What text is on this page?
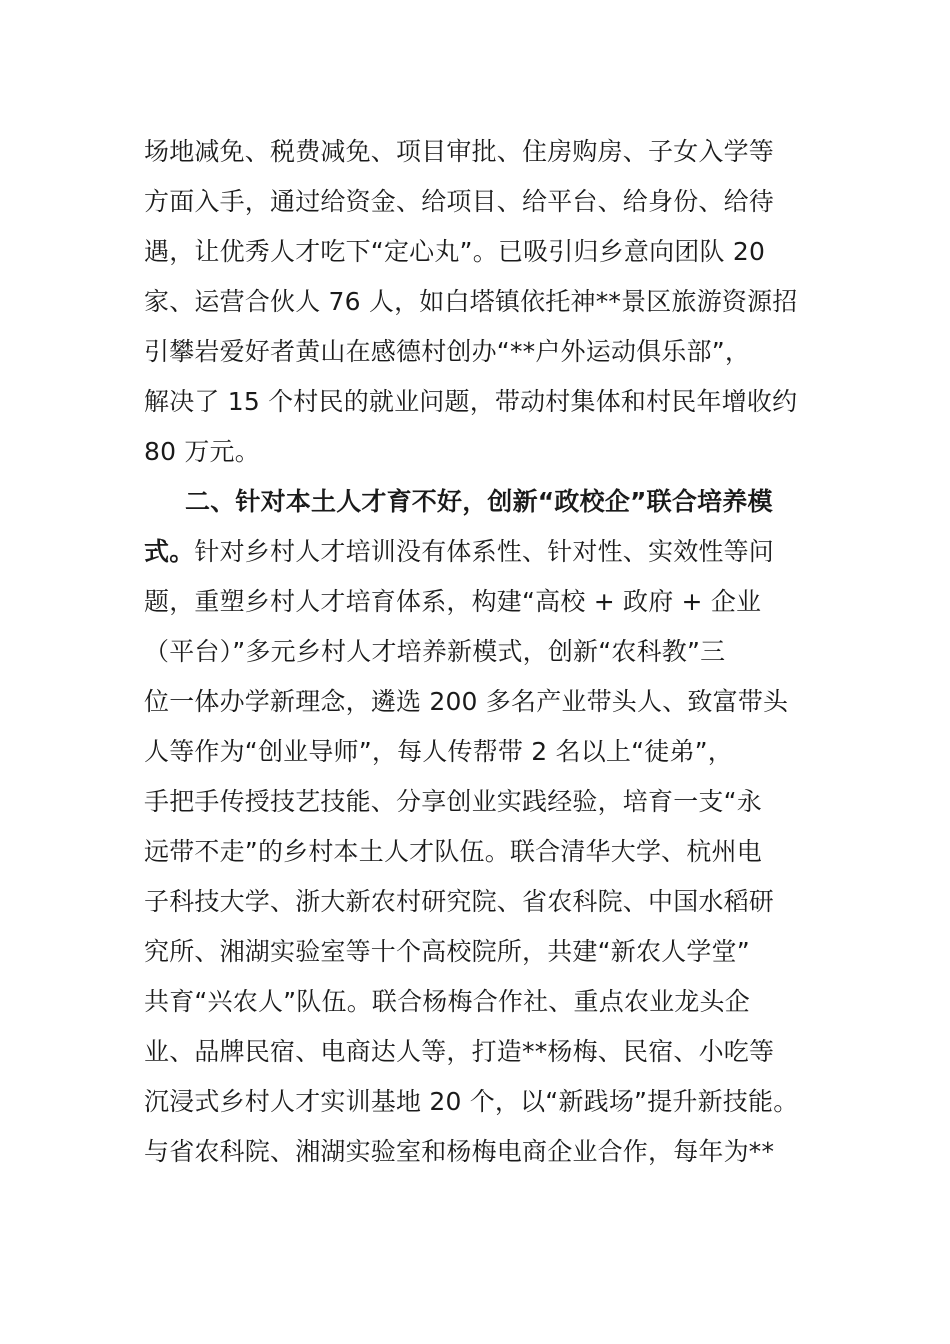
场地减免、税费减免、项目审批、住房购房、子女入学等
方面入手，通过给资金、给项目、给平台、给身份、给待
遇，让优秀人才吃下“定心丸”。已吸引归乡意向团队 20
家、运营合伙人 76 人，如白塔镇依托神**景区旅游资源招
引攀岩爱好者黄山在感德村创办“**户外运动俱乐部”，
解决了 15 个村民的就业问题，带动村集体和村民年增收约
80 万元。
二、针对本土人才育不好，创新“政校企”联合培养模
式。针对乡村人才培训没有体系性、针对性、实效性等问
题，重塑乡村人才培育体系，构建“高校 + 政府 + 企业
（平台）”多元乡村人才培养新模式，创新“农科教”三
位一体办学新理念，遴选 200 多名产业带头人、致富带头
人等作为“创业导师”，每人传帮带 2 名以上“徒弟”，
手把手传授技艺技能、分享创业实践经验，培育一支“永
远带不走”的乡村本土人才队伍。联合清华大学、杭州电
子科技大学、浙大新农村研究院、省农科院、中国水稻研
究所、湘湖实验室等十个高校院所，共建“新农人学堂”
共育“兴农人”队伍。联合杨梅合作社、重点农业龙头企
业、品牌民宿、电商达人等，打造**杨梅、民宿、小吃等
沉浸式乡村人才实训基地 20 个，以“新践场”提升新技能。
与省农科院、湘湖实验室和杨梅电商企业合作，每年为**
